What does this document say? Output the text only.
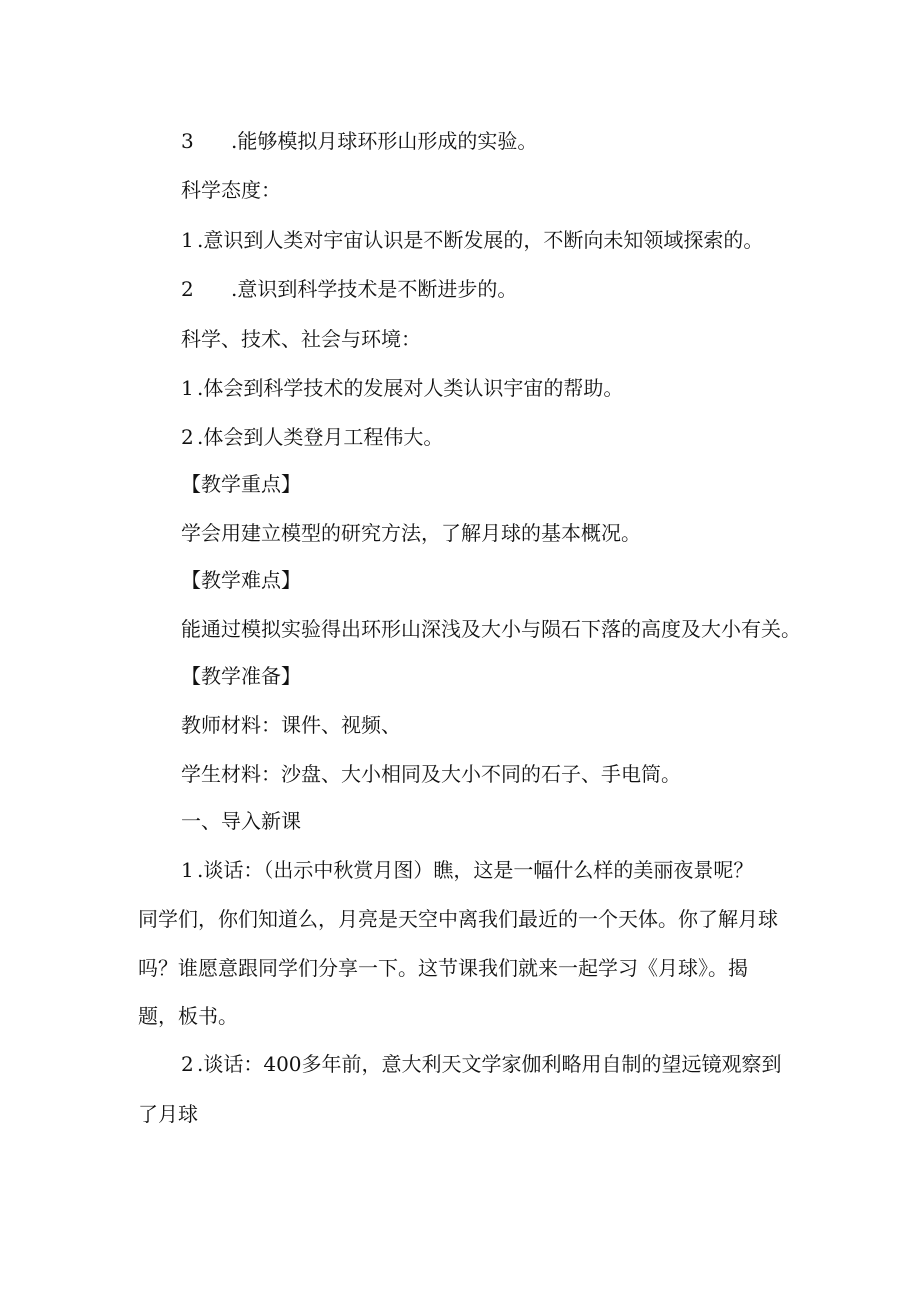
3 .能够模拟月球环形山形成的实验。
科学态度：
1 .意识到人类对宇宙认识是不断发展的，不断向未知领域探索的。
2 .意识到科学技术是不断进步的。
科学、技术、社会与环境：
1 .体会到科学技术的发展对人类认识宇宙的帮助。
2 .体会到人类登月工程伟大。
【教学重点】
学会用建立模型的研究方法，了解月球的基本概况。
【教学难点】
能通过模拟实验得出环形山深浅及大小与陨石下落的高度及大小有关。
【教学准备】
教师材料：课件、视频、
学生材料：沙盘、大小相同及大小不同的石子、手电筒。
一、导入新课
1 .谈话：（出示中秋赏月图）瞧，这是一幅什么样的美丽夜景呢？
同学们，你们知道么，月亮是天空中离我们最近的一个天体。你了解月球
吗？谁愿意跟同学们分享一下。这节课我们就来一起学习《月球》。揭
题，板书。
2 .谈话：400多年前，意大利天文学家伽利略用自制的望远镜观察到
了月球
